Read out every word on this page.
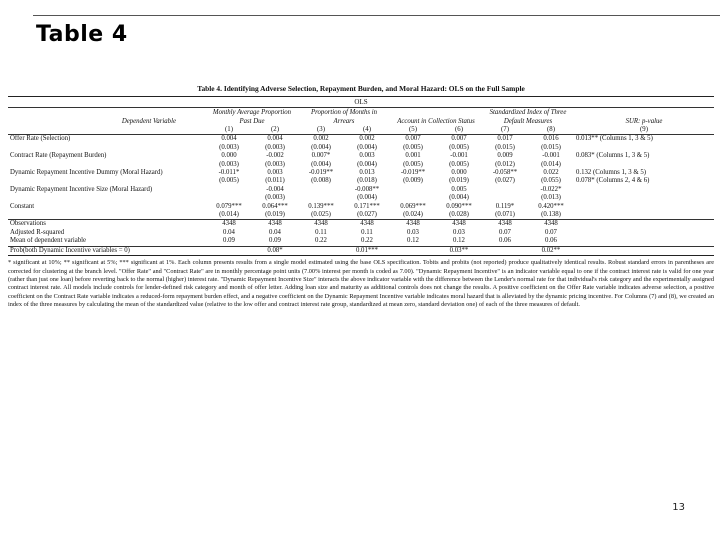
Table 4
Table 4. Identifying Adverse Selection, Repayment Burden, and Moral Hazard: OLS on the Full Sample
OLS
	Monthly Average Proportion		Proportion of Months in				Standardized Index of Three		
Dependent Variable	Past Due		Arrears		Account in Collection Status		Default Measures		SUR: p-value
	(1)	(2)	(3)	(4)	(5)	(6)	(7)	(8)	(9)
Offer Rate (Selection)	0.004	0.004	0.002	0.002	0.007	0.007	0.017	0.016	0.013** (Columns 1, 3 & 5)
	(0.003)	(0.003)	(0.004)	(0.004)	(0.005)	(0.005)	(0.015)	(0.015)	
Contract Rate (Repayment Burden)	0.000	-0.002	0.007*	0.003	0.001	-0.001	0.009	-0.001	0.083* (Columns 1, 3 & 5)
	(0.003)	(0.003)	(0.004)	(0.004)	(0.005)	(0.005)	(0.012)	(0.014)	
Dynamic Repayment Incentive Dummy (Moral Hazard)	-0.011*	0.003	-0.019**	0.013	-0.019**	0.000	-0.058**	0.022	0.132 (Columns 1, 3 & 5)
	(0.005)	(0.011)	(0.008)	(0.018)	(0.009)	(0.019)	(0.027)	(0.055)	0.078* (Columns 2, 4 & 6)
Dynamic Repayment Incentive Size (Moral Hazard)		-0.004		-0.008**		0.005		-0.022*	
		(0.003)		(0.004)		(0.004)		(0.013)	
Constant	0.079***	0.064***	0.139***	0.171***	0.069***	0.090***	0.119*	0.420***	
	(0.014)	(0.019)	(0.025)	(0.027)	(0.024)	(0.028)	(0.071)	(0.138)	
Observations	4348	4348	4348	4348	4348	4348	4348	4348	
Adjusted R-squared	0.04	0.04	0.11	0.11	0.03	0.03	0.07	0.07	
Mean of dependent variable	0.09	0.09	0.22	0.22	0.12	0.12	0.06	0.06	
Prob(both Dynamic Incentive variables = 0)		0.08*		0.01***		0.03**		0.02**	
* significant at 10%; ** significant at 5%; *** significant at 1%. Each column presents results from a single model estimated using the base OLS specification. Tobits and probits (not reported) produce qualitatively identical results. Robust standard errors in parentheses are corrected for clustering at the branch level. "Offer Rate" and "Contract Rate" are in monthly percentage point units (7.00% interest per month is coded as 7.00). "Dynamic Repayment Incentive" is an indicator variable equal to one if the contract interest rate is valid for one year (rather than just one loan) before reverting back to the normal (higher) interest rate. "Dynamic Repayment Incentive Size" interacts the above indicator variable with the difference between the Lender's normal rate for that individual's risk category and the experimentally assigned contract interest rate. All models include controls for lender-defined risk category and month of offer letter. Adding loan size and maturity as additional controls does not change the results. A positive coefficient on the Offer Rate variable indicates adverse selection, a positive coefficient on the Contract Rate variable indicates a reduced-form repayment burden effect, and a negative coefficient on the Dynamic Repayment Incentive variable indicates moral hazard that is alleviated by the dynamic pricing incentive. For Columns (7) and (8), we created an index of the three measures by calculating the mean of the standardized value (relative to the low offer and contract interest rate group, standardized at mean zero, standard deviation one) of each of the three measures of default.
13
